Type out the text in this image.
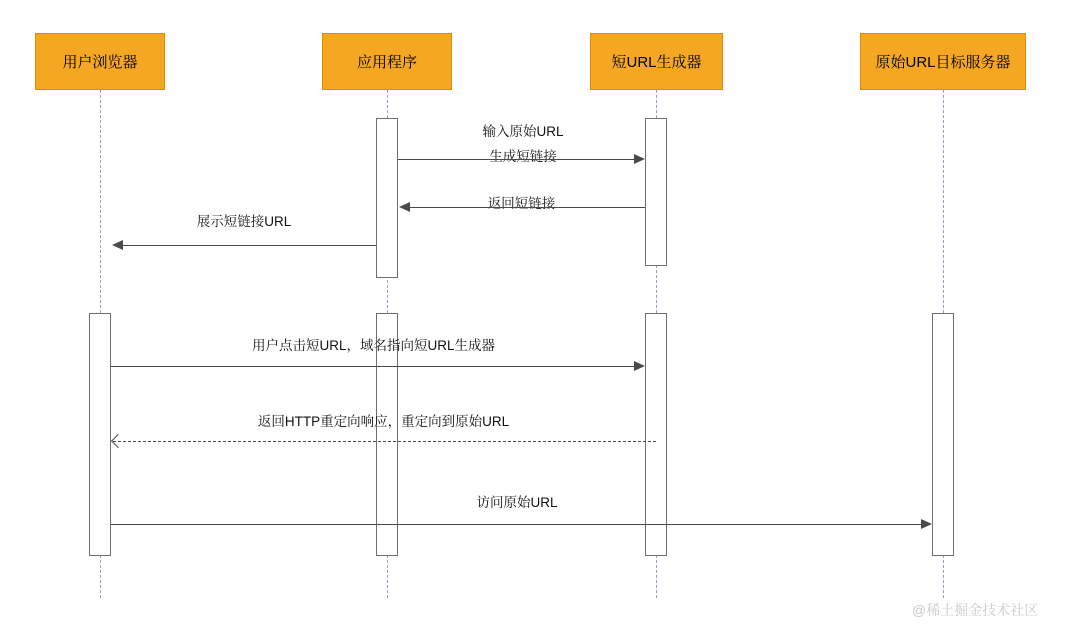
用户浏览器	应用程序	短URL生成器	原始URL目标服务器
输入原始URL
生成短链接
返回短链接
展示短链接URL
用户点击短URL，域名指向短URL生成器
返回HTTP重定向响应，重定向到原始URL
访问原始URL
@稀土掘金技术社区
